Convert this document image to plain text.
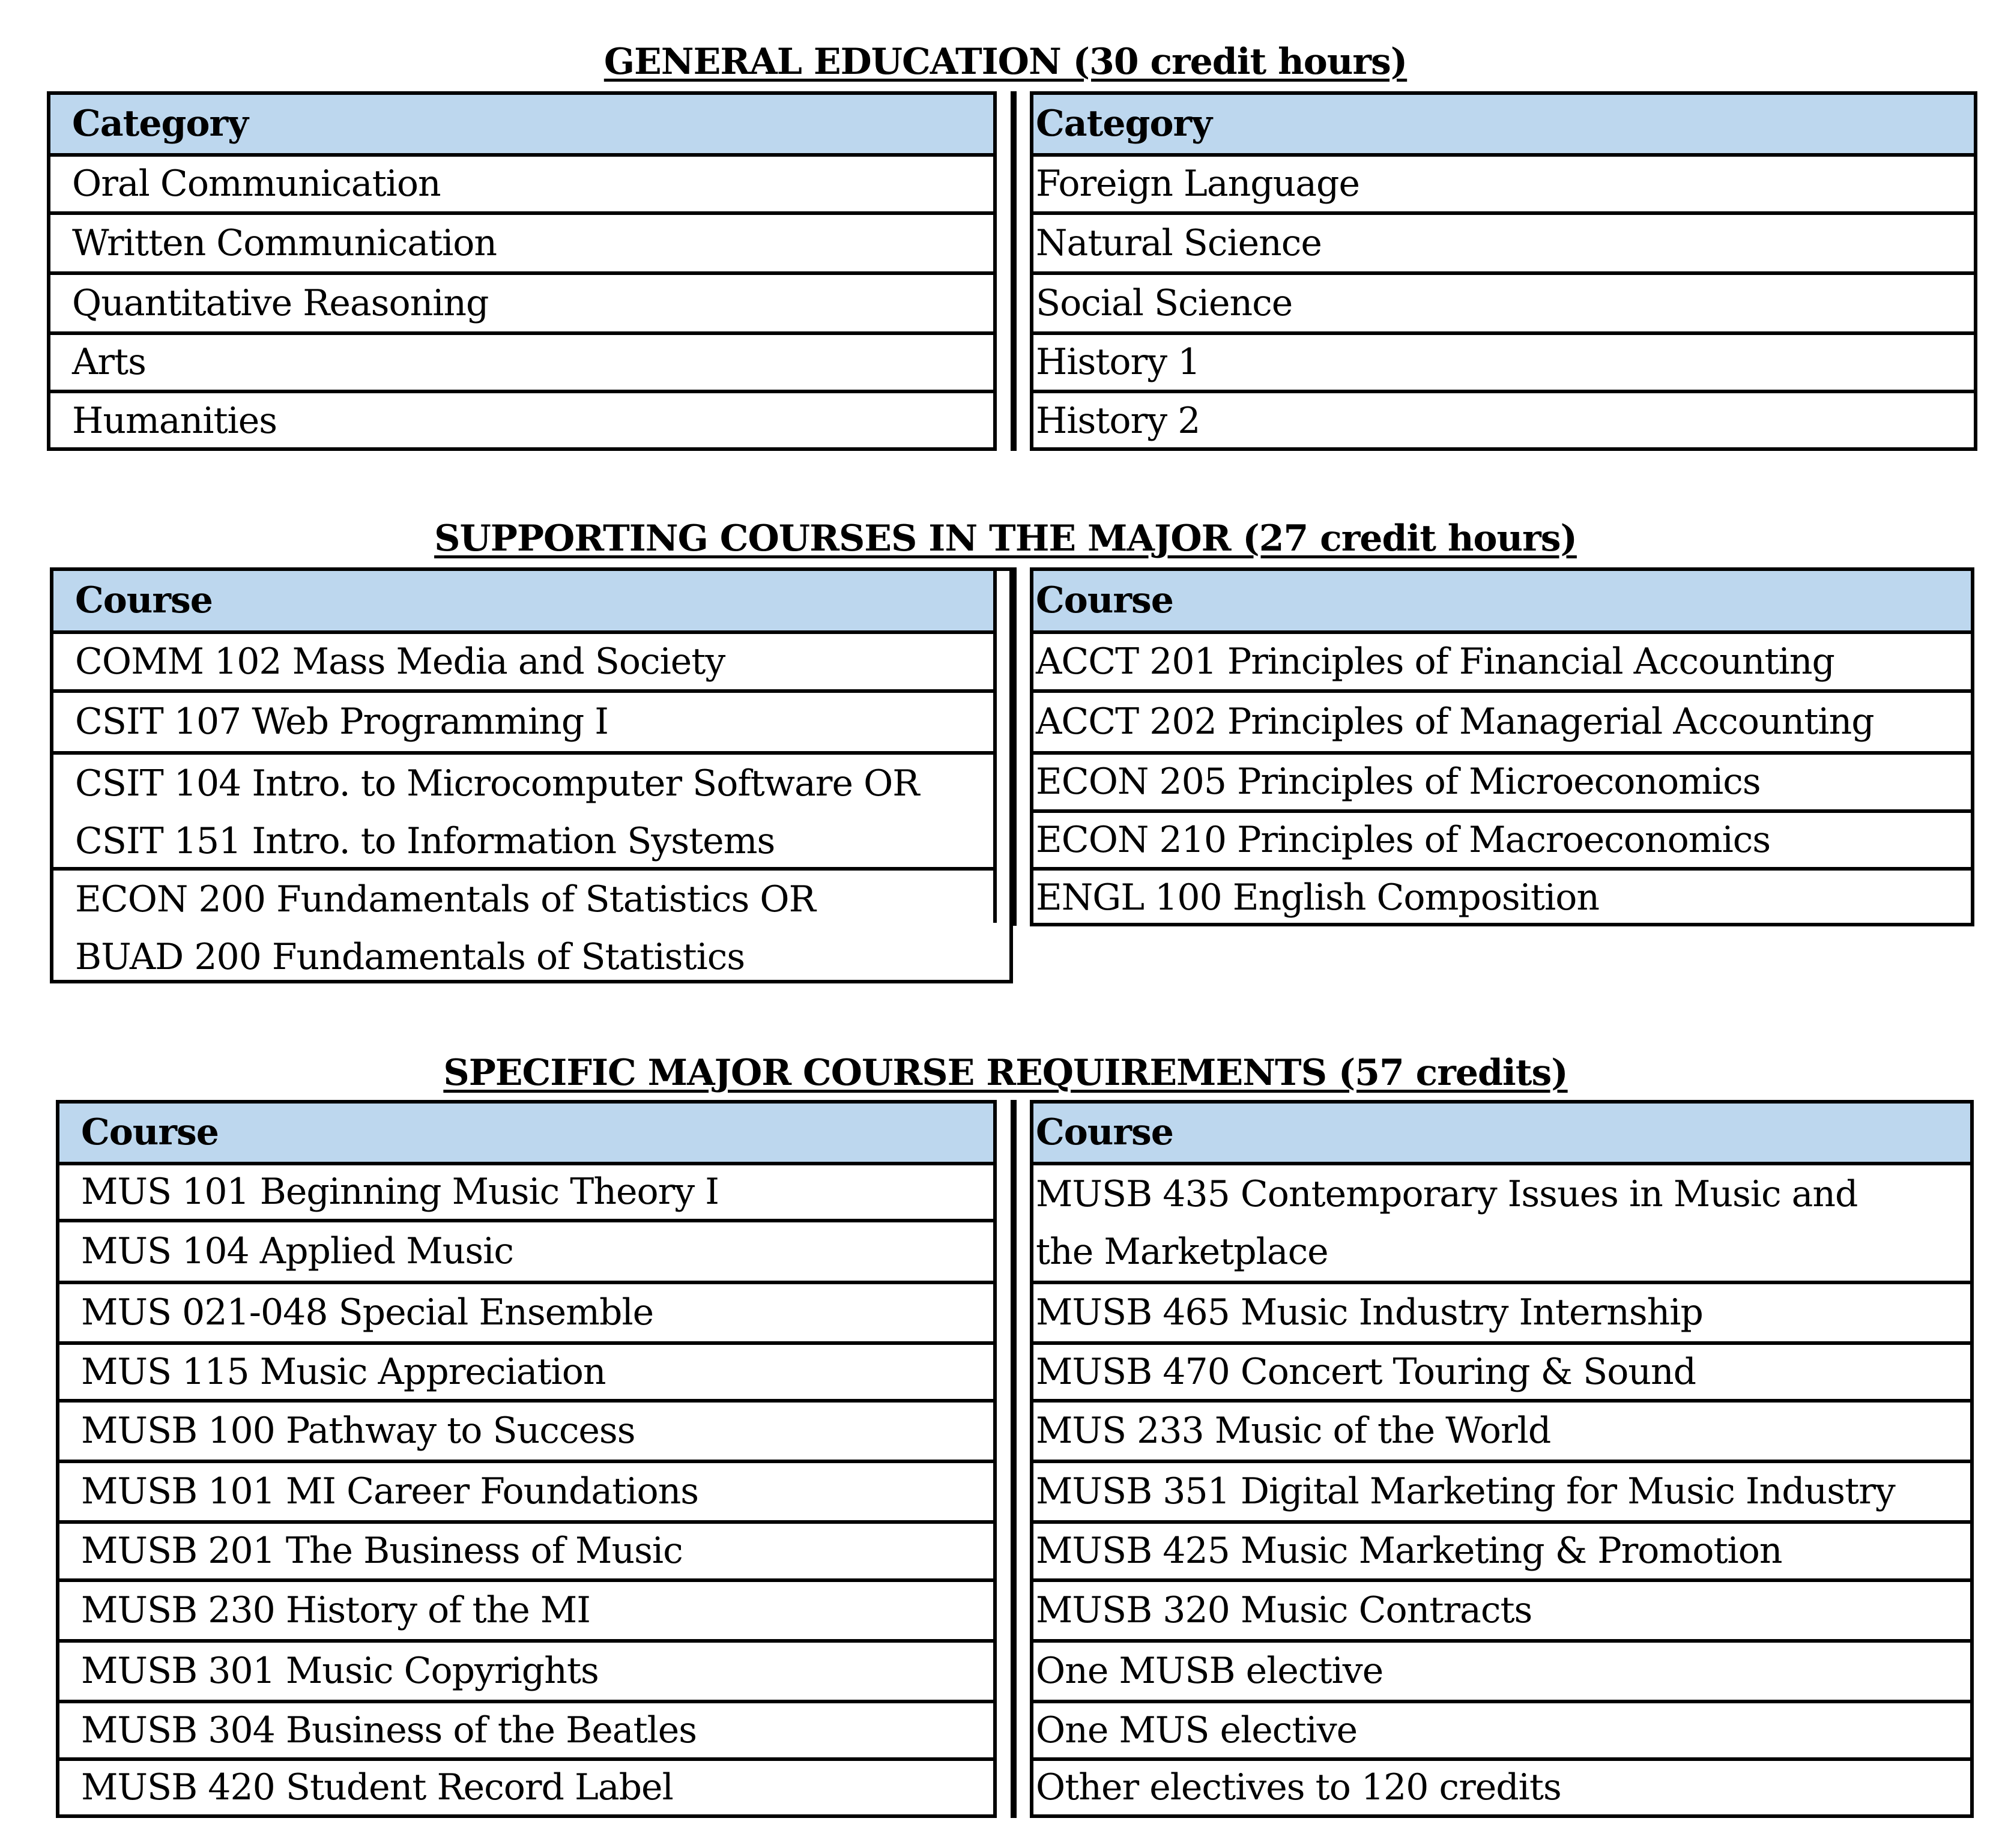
GENERAL EDUCATION (30 credit hours)
Category
Oral Communication
Written Communication
Quantitative Reasoning
Arts
Humanities
Category
Foreign Language
Natural Science
Social Science
History 1
History 2
SUPPORTING COURSES IN THE MAJOR (27 credit hours)
Course
COMM 102 Mass Media and Society
CSIT 107 Web Programming I
CSIT 104 Intro. to Microcomputer Software OR
CSIT 151 Intro. to Information Systems
ECON 200 Fundamentals of Statistics OR
BUAD 200 Fundamentals of Statistics
Course
ACCT 201 Principles of Financial Accounting
ACCT 202 Principles of Managerial Accounting
ECON 205 Principles of Microeconomics
ECON 210 Principles of Macroeconomics
ENGL 100 English Composition
SPECIFIC MAJOR COURSE REQUIREMENTS (57 credits)
Course
MUS 101 Beginning Music Theory I
MUS 104 Applied Music
MUS 021-048 Special Ensemble
MUS 115 Music Appreciation
MUSB 100 Pathway to Success
MUSB 101 MI Career Foundations
MUSB 201 The Business of Music
MUSB 230 History of the MI
MUSB 301 Music Copyrights
MUSB 304 Business of the Beatles
MUSB 420 Student Record Label
Course
MUSB 435 Contemporary Issues in Music and
the Marketplace
MUSB 465 Music Industry Internship
MUSB 470 Concert Touring & Sound
MUS 233 Music of the World
MUSB 351 Digital Marketing for Music Industry
MUSB 425 Music Marketing & Promotion
MUSB 320 Music Contracts
One MUSB elective
One MUS elective
Other electives to 120 credits
